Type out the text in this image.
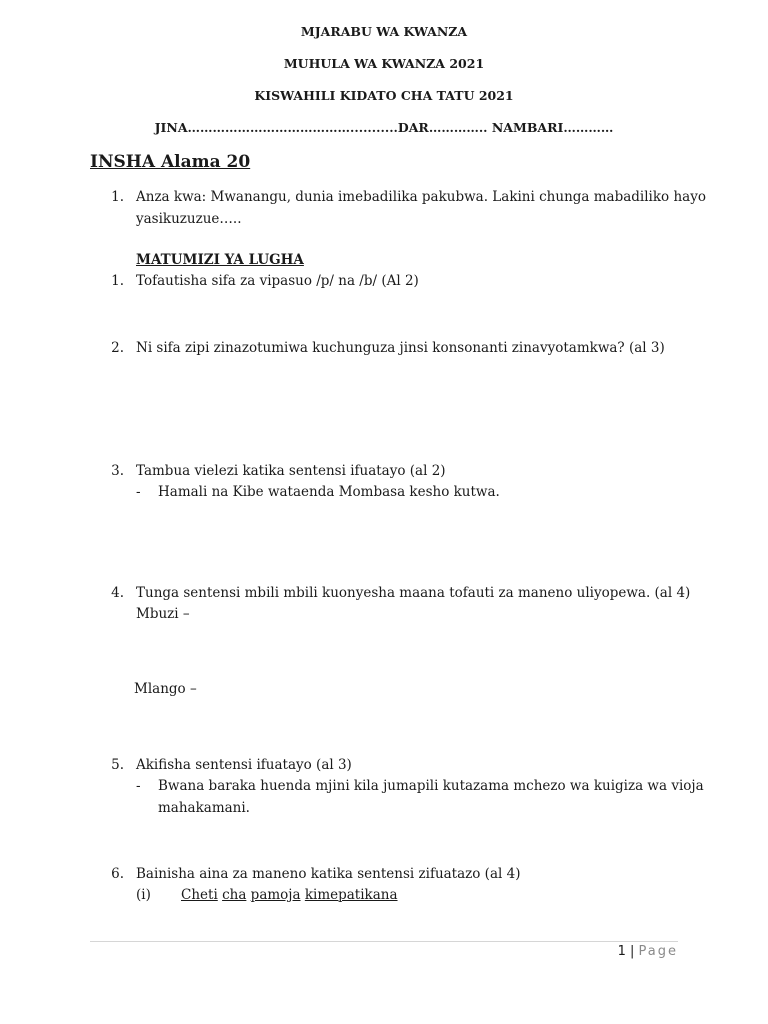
MJARABU WA KWANZA
MUHULA WA KWANZA 2021
KISWAHILI KIDATO CHA TATU 2021
JINA…………………………………...........DAR………….. NAMBARI…………
INSHA Alama 20
1. Anza kwa: Mwanangu, dunia imebadilika pakubwa. Lakini chunga mabadiliko hayo
yasikuzuzue…..
MATUMIZI YA LUGHA
1. Tofautisha sifa za vipasuo /p/ na /b/ (Al 2)
2. Ni sifa zipi zinazotumiwa kuchunguza jinsi konsonanti zinavyotamkwa? (al 3)
3. Tambua vielezi katika sentensi ifuatayo (al 2)
- Hamali na Kibe wataenda Mombasa kesho kutwa.
4. Tunga sentensi mbili mbili kuonyesha maana tofauti za maneno uliyopewa. (al 4)
Mbuzi –
Mlango –
5. Akifisha sentensi ifuatayo (al 3)
- Bwana baraka huenda mjini kila jumapili kutazama mchezo wa kuigiza wa vioja
mahakamani.
6. Bainisha aina za maneno katika sentensi zifuatazo (al 4)
(i) Cheti cha pamoja kimepatikana
1 | Page
